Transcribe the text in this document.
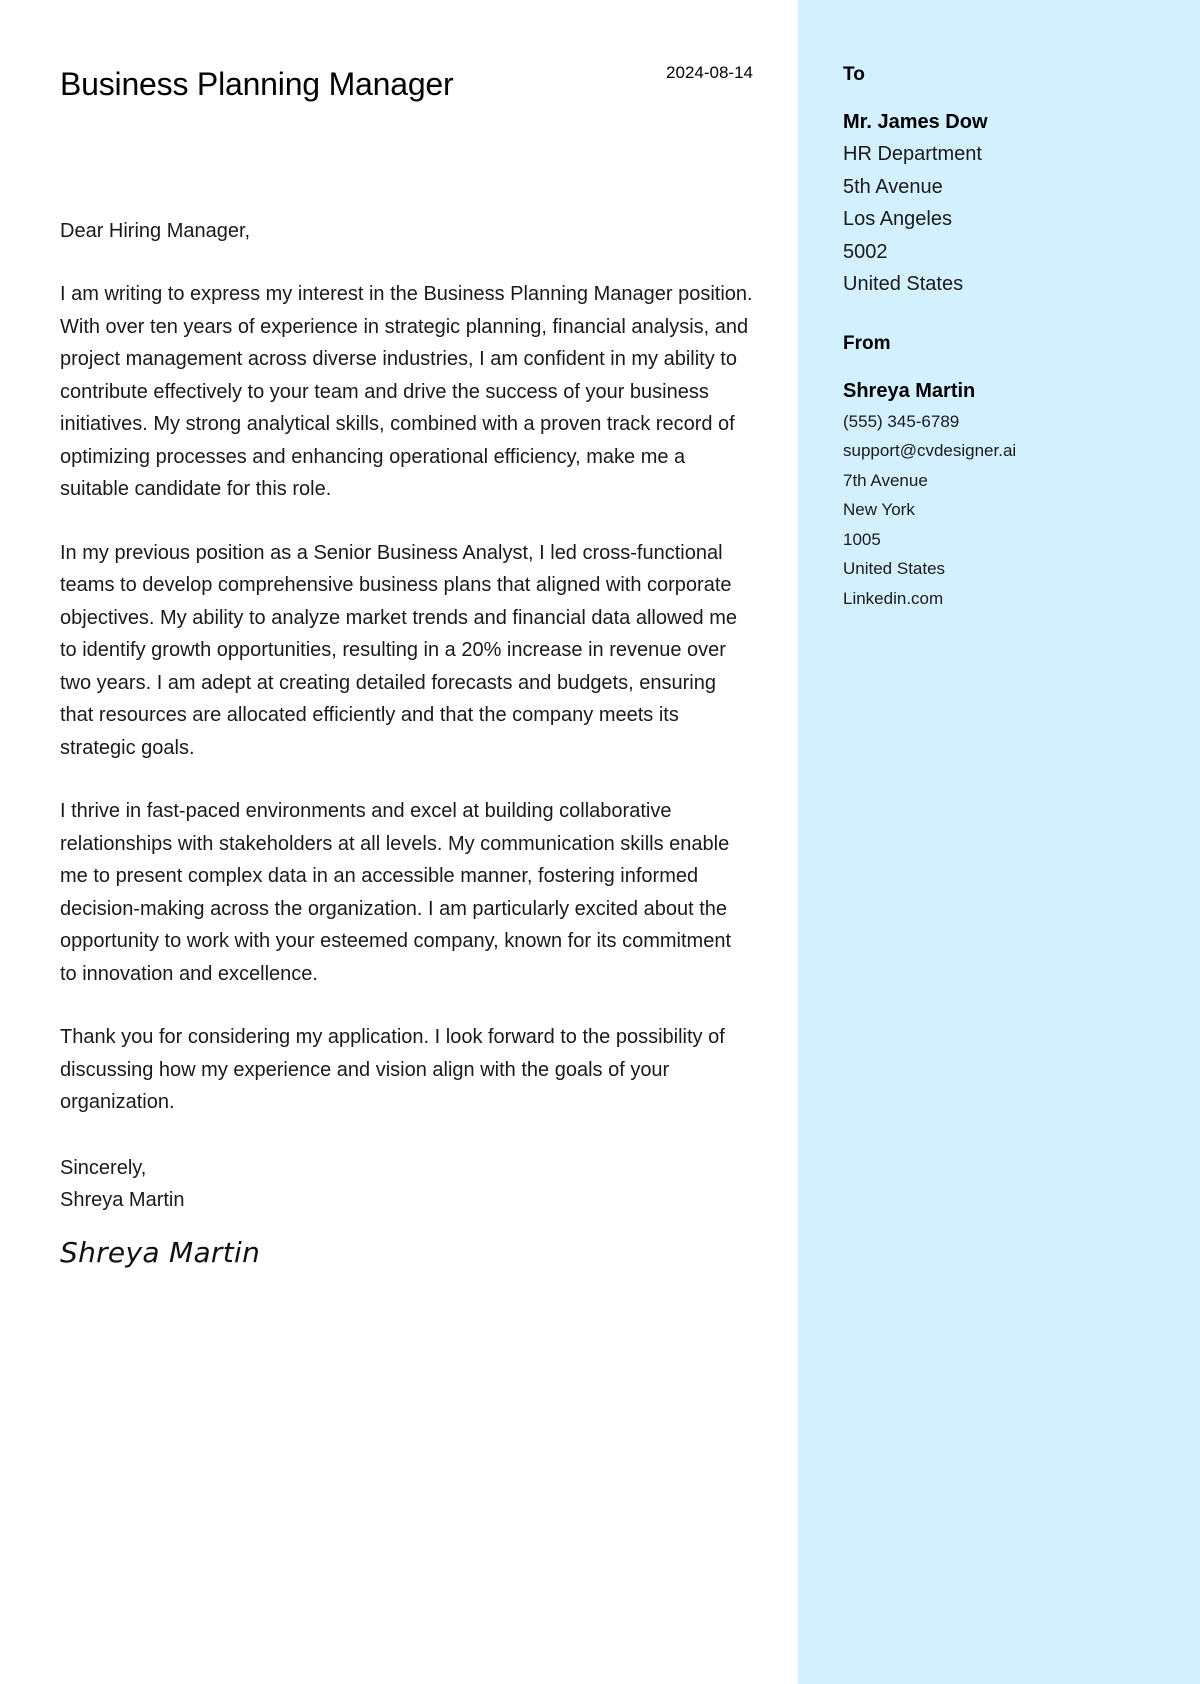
Business Planning Manager	2024-08-14

Dear Hiring Manager,

I am writing to express my interest in the Business Planning Manager position. With over ten years of experience in strategic planning, financial analysis, and project management across diverse industries, I am confident in my ability to contribute effectively to your team and drive the success of your business initiatives. My strong analytical skills, combined with a proven track record of optimizing processes and enhancing operational efficiency, make me a suitable candidate for this role.

In my previous position as a Senior Business Analyst, I led cross-functional teams to develop comprehensive business plans that aligned with corporate objectives. My ability to analyze market trends and financial data allowed me to identify growth opportunities, resulting in a 20% increase in revenue over two years. I am adept at creating detailed forecasts and budgets, ensuring that resources are allocated efficiently and that the company meets its strategic goals.

I thrive in fast-paced environments and excel at building collaborative relationships with stakeholders at all levels. My communication skills enable me to present complex data in an accessible manner, fostering informed decision-making across the organization. I am particularly excited about the opportunity to work with your esteemed company, known for its commitment to innovation and excellence.

Thank you for considering my application. I look forward to the possibility of discussing how my experience and vision align with the goals of your organization.

Sincerely,
Shreya Martin
Shreya Martin
To
Mr. James Dow
HR Department
5th Avenue
Los Angeles
5002
United States
From
Shreya Martin
(555) 345-6789
support@cvdesigner.ai
7th Avenue
New York
1005
United States
Linkedin.com
